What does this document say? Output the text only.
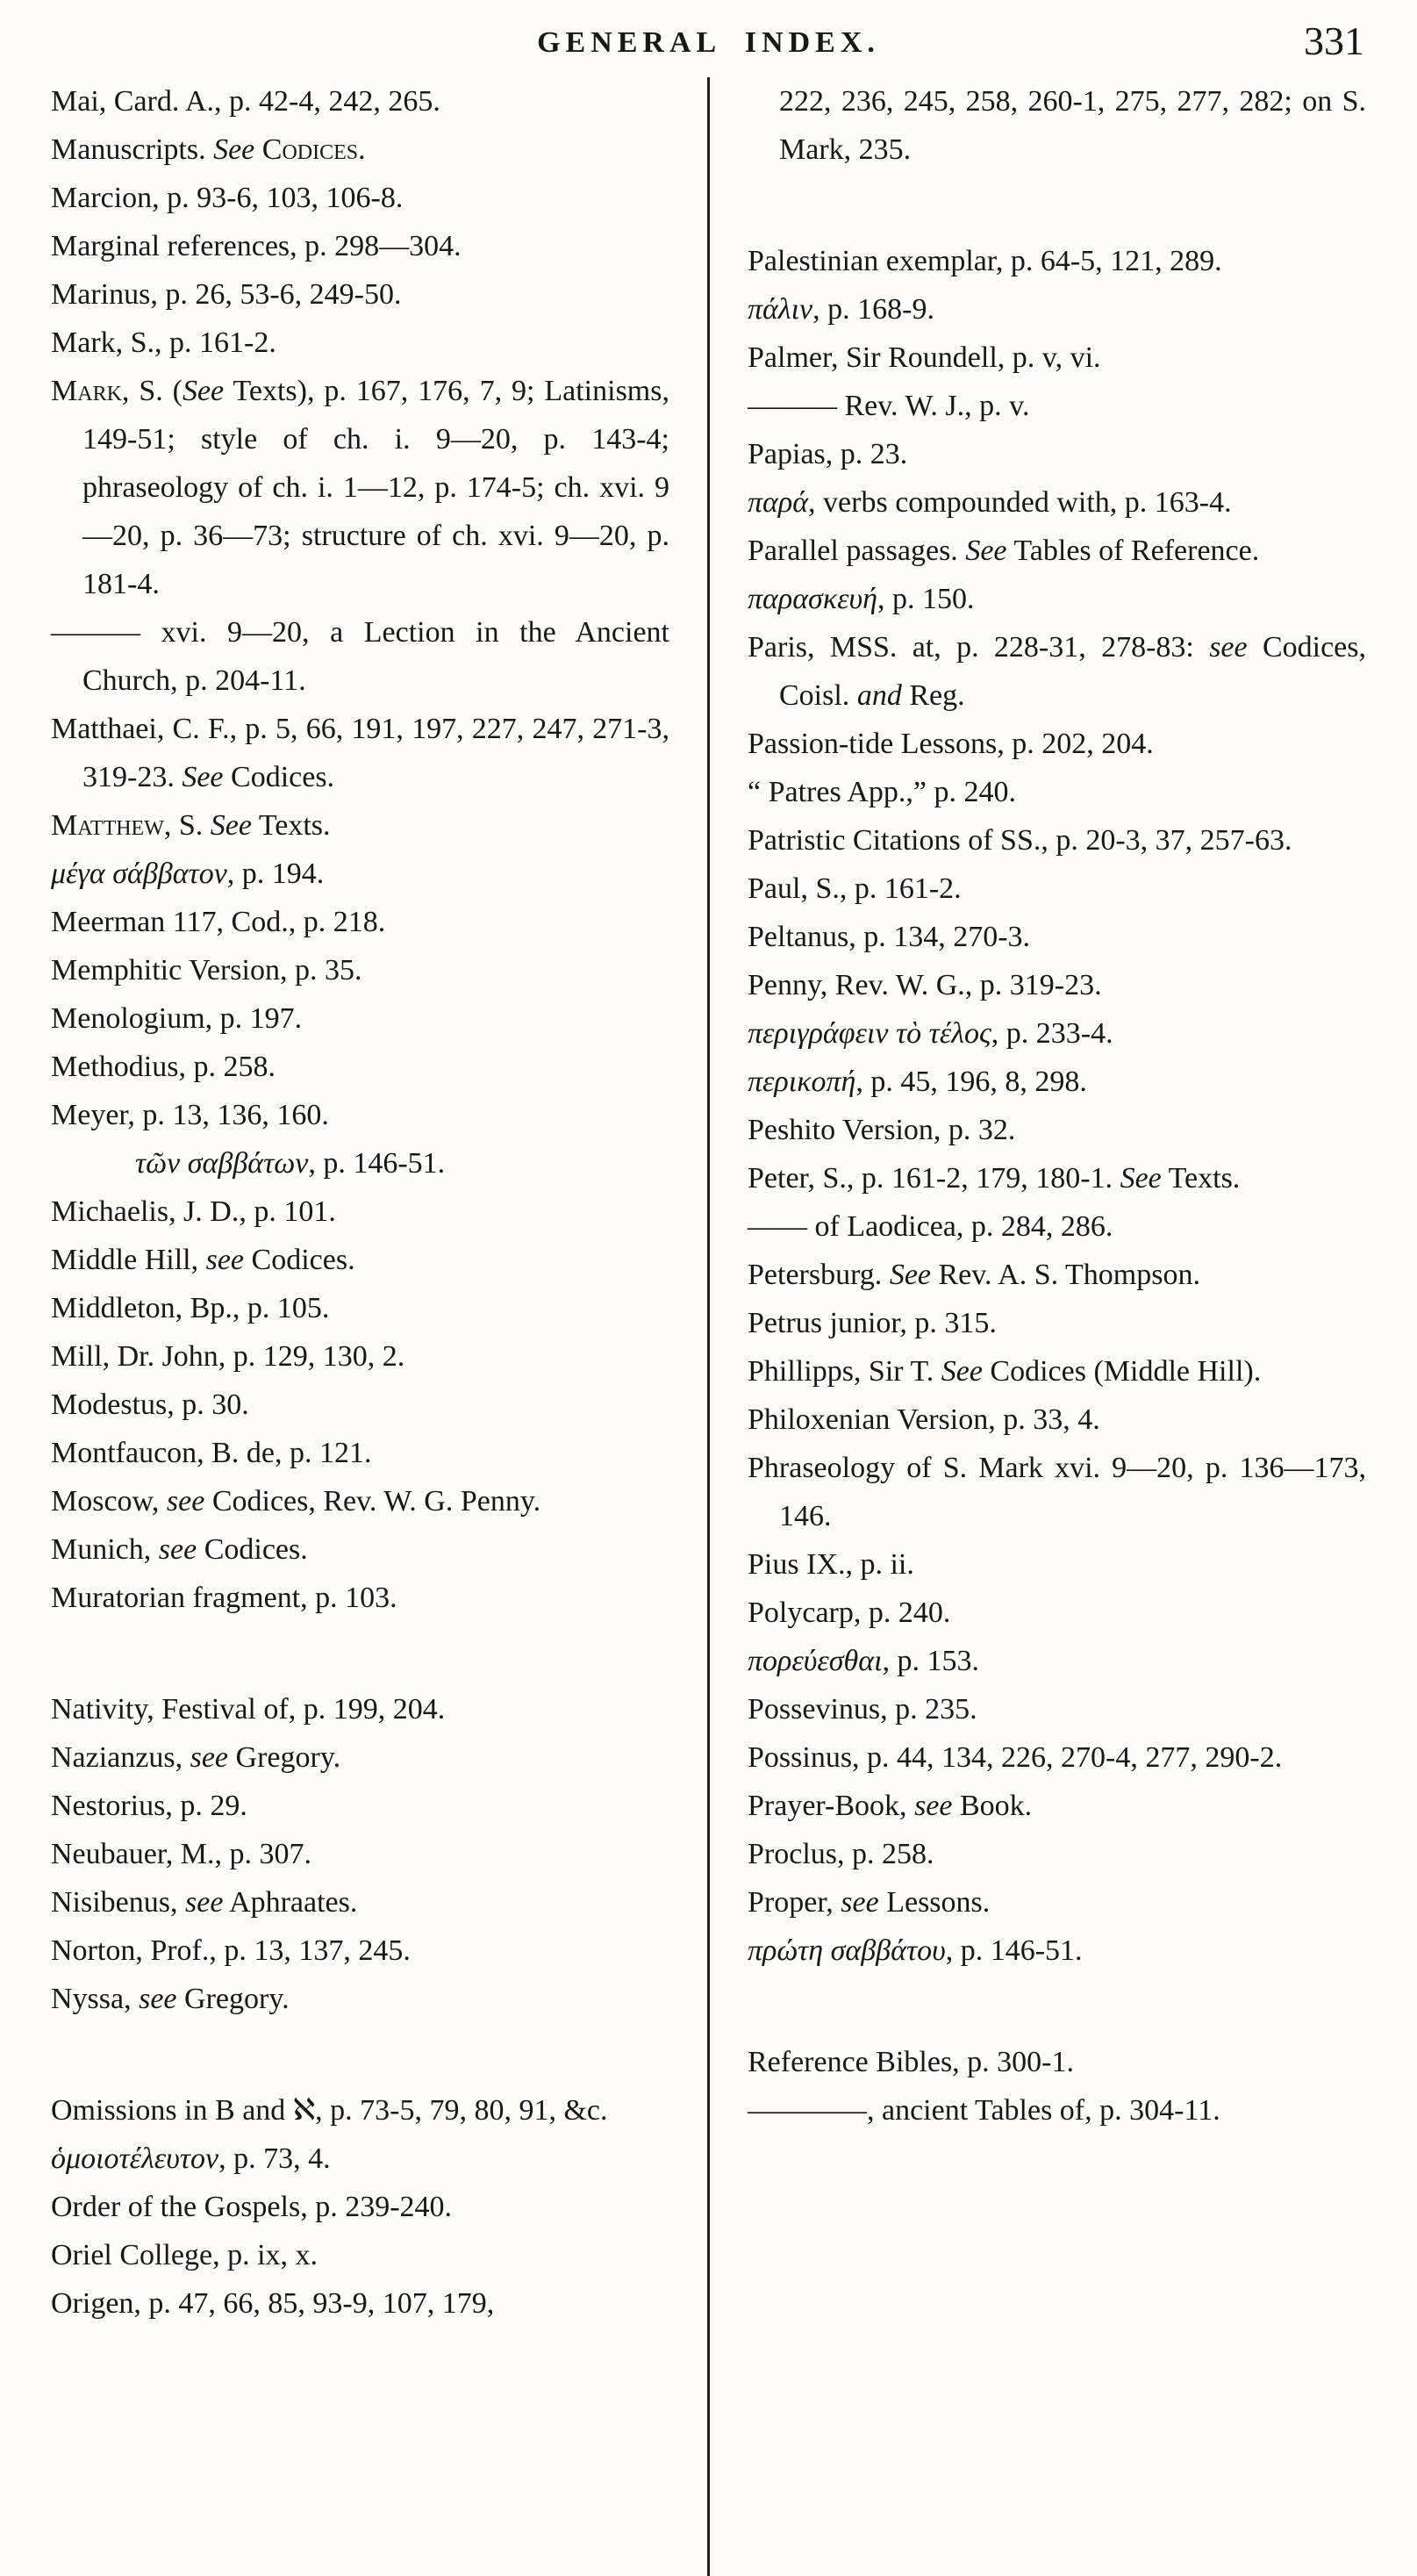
GENERAL INDEX.	331
Mai, Card. A., p. 42-4, 242, 265.
Manuscripts. See Codices.
Marcion, p. 93-6, 103, 106-8.
Marginal references, p. 298—304.
Marinus, p. 26, 53-6, 249-50.
Mark, S., p. 161-2.
Mark, S. (See Texts), p. 167, 176, 7, 9; Latinisms, 149-51; style of ch. i. 9—20, p. 143-4; phraseology of ch. i. 1—12, p. 174-5; ch. xvi. 9—20, p. 36—73; structure of ch. xvi. 9—20, p. 181-4.
——— xvi. 9—20, a Lection in the Ancient Church, p. 204-11.
Matthaei, C. F., p. 5, 66, 191, 197, 227, 247, 271-3, 319-23. See Codices.
Matthew, S. See Texts.
μέγα σάββατον, p. 194.
Meerman 117, Cod., p. 218.
Memphitic Version, p. 35.
Menologium, p. 197.
Methodius, p. 258.
Meyer, p. 13, 136, 160.
τῶν σαββάτων, p. 146-51.
Michaelis, J. D., p. 101.
Middle Hill, see Codices.
Middleton, Bp., p. 105.
Mill, Dr. John, p. 129, 130, 2.
Modestus, p. 30.
Montfaucon, B. de, p. 121.
Moscow, see Codices, Rev. W. G. Penny.
Munich, see Codices.
Muratorian fragment, p. 103.
Nativity, Festival of, p. 199, 204.
Nazianzus, see Gregory.
Nestorius, p. 29.
Neubauer, M., p. 307.
Nisibenus, see Aphraates.
Norton, Prof., p. 13, 137, 245.
Nyssa, see Gregory.
Omissions in B and ℵ, p. 73-5, 79, 80, 91, &c.
ὁμοιοτέλευτον, p. 73, 4.
Order of the Gospels, p. 239-240.
Oriel College, p. ix, x.
Origen, p. 47, 66, 85, 93-9, 107, 179,
222, 236, 245, 258, 260-1, 275, 277, 282; on S. Mark, 235.
Palestinian exemplar, p. 64-5, 121, 289.
πάλιν, p. 168-9.
Palmer, Sir Roundell, p. v, vi.
——— Rev. W. J., p. v.
Papias, p. 23.
παρά, verbs compounded with, p. 163-4.
Parallel passages. See Tables of Reference.
παρασκευή, p. 150.
Paris, MSS. at, p. 228-31, 278-83: see Codices, Coisl. and Reg.
Passion-tide Lessons, p. 202, 204.
“ Patres App.,” p. 240.
Patristic Citations of SS., p. 20-3, 37, 257-63.
Paul, S., p. 161-2.
Peltanus, p. 134, 270-3.
Penny, Rev. W. G., p. 319-23.
περιγράφειν τὸ τέλος, p. 233-4.
περικοπή, p. 45, 196, 8, 298.
Peshito Version, p. 32.
Peter, S., p. 161-2, 179, 180-1. See Texts.
—— of Laodicea, p. 284, 286.
Petersburg. See Rev. A. S. Thompson.
Petrus junior, p. 315.
Phillipps, Sir T. See Codices (Middle Hill).
Philoxenian Version, p. 33, 4.
Phraseology of S. Mark xvi. 9—20, p. 136—173, 146.
Pius IX., p. ii.
Polycarp, p. 240.
πορεύεσθαι, p. 153.
Possevinus, p. 235.
Possinus, p. 44, 134, 226, 270-4, 277, 290-2.
Prayer-Book, see Book.
Proclus, p. 258.
Proper, see Lessons.
πρώτη σαββάτου, p. 146-51.
Reference Bibles, p. 300-1.
————, ancient Tables of, p. 304-11.
